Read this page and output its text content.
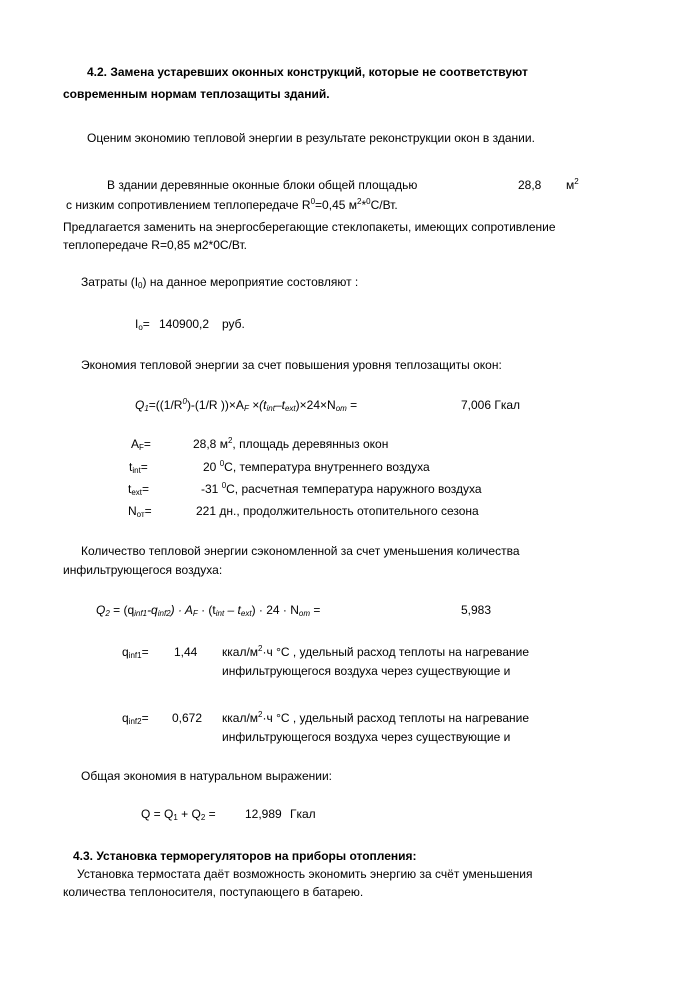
4.2. Замена устаревших оконных конструкций, которые не соответствуют
современным нормам теплозащиты зданий.
Оценим экономию тепловой энергии в результате реконструкции окон в здании.
В здании деревянные оконные блоки общей площадью	28,8 $м^2$
с низким сопротивлением теплопередаче $R^0=0,45$ $м^2*^0С/Вт$.
Предлагается заменить на энергосберегающие стеклопакеты, имеющих сопротивление
теплопередаче R=0,85 м2*0С/Вт.
Затраты $(I_0)$ на данное мероприятие состовляют :
$I_o= 140900,2$ руб.
Экономия тепловой энергии за счет повышения уровня теплозащиты окон:
$Q_1=((1/R^0)-(1/R$ ))$\times A_F \times(t_{int}-t_{ext})\times 24\times N_{om}$ =	7,006 Гкал
$A_F=$	28,8 $м^2$, площадь деревянныз окон
$t_{int}=$	20 $^0$С, температура внутреннего воздуха
$t_{ext}=$	-31 $^0$С, расчетная температура наружного воздуха
$N_{от}=$	221 дн., продолжительность отопительного сезона
Количество тепловой энергии сэкономленной за счет уменьшения количества
инфильтрующегося воздуха:
$Q_2 = (q_{inf1}-q_{inf2}) \cdot A_F \cdot (t_{int} - t_{ext}) \cdot 24 \cdot N_{om}$ =	5,983
$q_{inf1}= 1,44$ ккал/$м^2\cdot ч$ °С , удельный расход теплоты на нагревание
инфильтрующегося воздуха через существующие и
$q_{inf2}= 0,672$ ккал/$м^2\cdot ч$ °С , удельный расход теплоты на нагревание
инфильтрующегося воздуха через существующие и
Общая экономия в натуральном выражении:
$Q = Q_1 + Q_2 = 12,989$ Гкал
4.3. Установка терморегуляторов на приборы отопления:
Установка термостата даёт возможность экономить энергию за счёт уменьшения
количества теплоносителя, поступающего в батарею.
